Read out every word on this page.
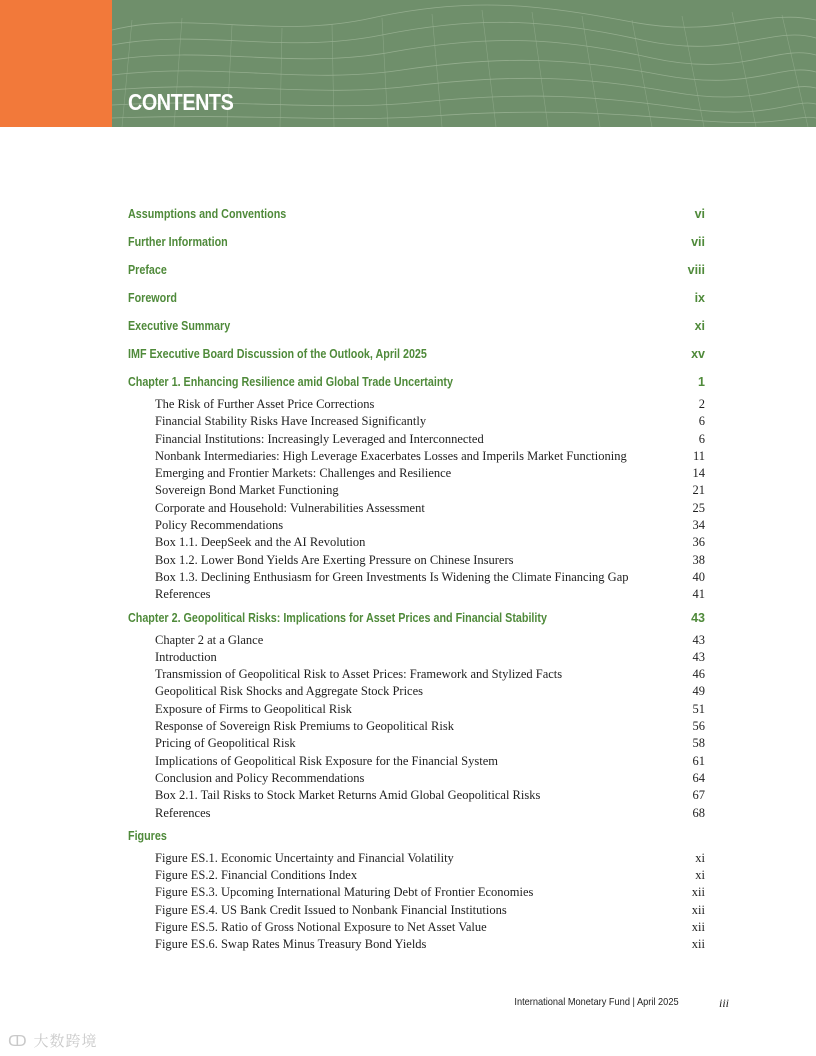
CONTENTS
Assumptions and Conventions	vi
Further Information	vii
Preface	viii
Foreword	ix
Executive Summary	xi
IMF Executive Board Discussion of the Outlook, April 2025	xv
Chapter 1. Enhancing Resilience amid Global Trade Uncertainty	1
The Risk of Further Asset Price Corrections	2
Financial Stability Risks Have Increased Significantly	6
Financial Institutions: Increasingly Leveraged and Interconnected	6
Nonbank Intermediaries: High Leverage Exacerbates Losses and Imperils Market Functioning	11
Emerging and Frontier Markets: Challenges and Resilience	14
Sovereign Bond Market Functioning	21
Corporate and Household: Vulnerabilities Assessment	25
Policy Recommendations	34
Box 1.1. DeepSeek and the AI Revolution	36
Box 1.2. Lower Bond Yields Are Exerting Pressure on Chinese Insurers	38
Box 1.3. Declining Enthusiasm for Green Investments Is Widening the Climate Financing Gap	40
References	41
Chapter 2. Geopolitical Risks: Implications for Asset Prices and Financial Stability	43
Chapter 2 at a Glance	43
Introduction	43
Transmission of Geopolitical Risk to Asset Prices: Framework and Stylized Facts	46
Geopolitical Risk Shocks and Aggregate Stock Prices	49
Exposure of Firms to Geopolitical Risk	51
Response of Sovereign Risk Premiums to Geopolitical Risk	56
Pricing of Geopolitical Risk	58
Implications of Geopolitical Risk Exposure for the Financial System	61
Conclusion and Policy Recommendations	64
Box 2.1. Tail Risks to Stock Market Returns Amid Global Geopolitical Risks	67
References	68
Figures
Figure ES.1. Economic Uncertainty and Financial Volatility	xi
Figure ES.2. Financial Conditions Index	xi
Figure ES.3. Upcoming International Maturing Debt of Frontier Economies	xii
Figure ES.4. US Bank Credit Issued to Nonbank Financial Institutions	xii
Figure ES.5. Ratio of Gross Notional Exposure to Net Asset Value	xii
Figure ES.6. Swap Rates Minus Treasury Bond Yields	xii
International Monetary Fund | April 2025	iii
ↀ 大数跨境
